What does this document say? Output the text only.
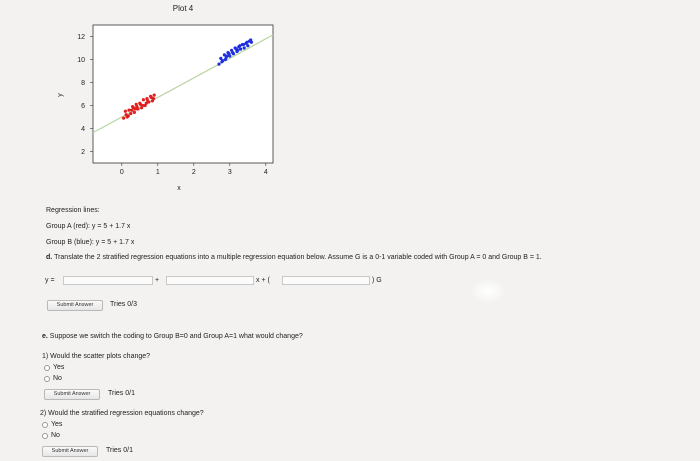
Plot 4
x
y
0	1	2	3	4
2
4
6
8
10
12
Regression lines:
Group A (red): y = 5 + 1.7 x
Group B (blue): y = 5 + 1.7 x
d. Translate the 2 stratified regression equations into a multiple regression equation below. Assume G is a 0-1 variable coded with Group A = 0 and Group B = 1.
y =	+	x + (	) G
Submit Answer	Tries 0/3
e. Suppose we switch the coding to Group B=0 and Group A=1 what would change?
1) Would the scatter plots change?
Yes
No
Submit Answer	Tries 0/1
2) Would the stratified regression equations change?
Yes
No
Submit Answer	Tries 0/1
